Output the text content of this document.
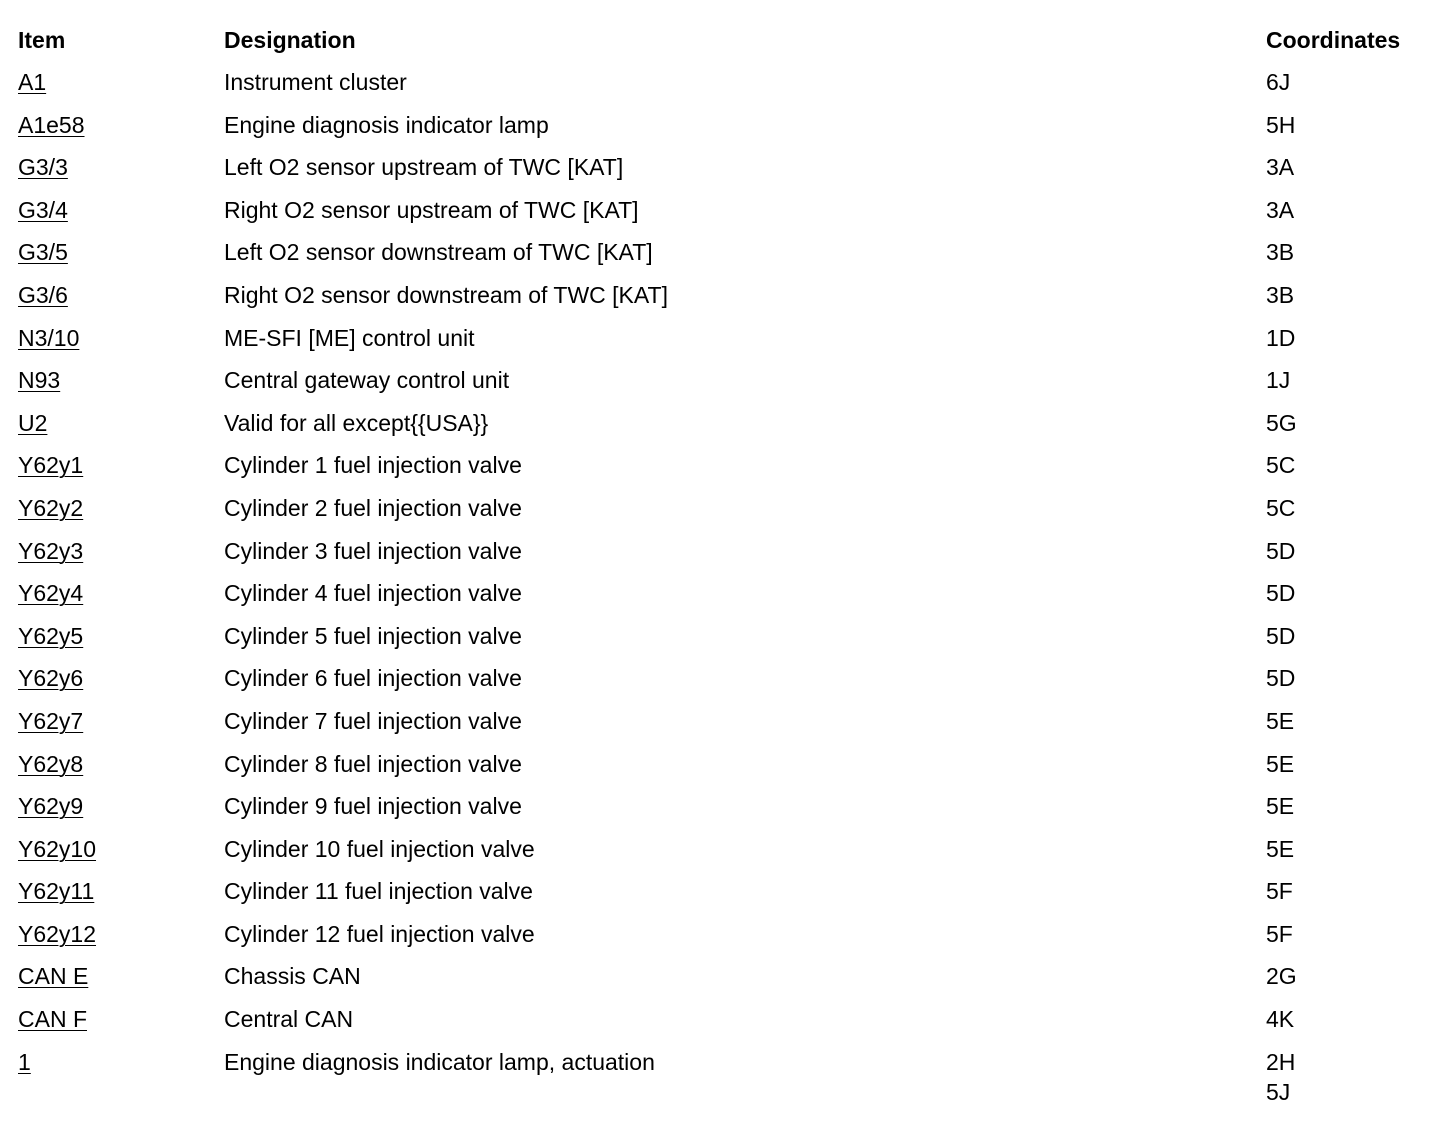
Item	Designation	Coordinates
A1	Instrument cluster	6J
A1e58	Engine diagnosis indicator lamp	5H
G3/3	Left O2 sensor upstream of TWC [KAT]	3A
G3/4	Right O2 sensor upstream of TWC [KAT]	3A
G3/5	Left O2 sensor downstream of TWC [KAT]	3B
G3/6	Right O2 sensor downstream of TWC [KAT]	3B
N3/10	ME-SFI [ME] control unit	1D
N93	Central gateway control unit	1J
U2	Valid for all except{{USA}}	5G
Y62y1	Cylinder 1 fuel injection valve	5C
Y62y2	Cylinder 2 fuel injection valve	5C
Y62y3	Cylinder 3 fuel injection valve	5D
Y62y4	Cylinder 4 fuel injection valve	5D
Y62y5	Cylinder 5 fuel injection valve	5D
Y62y6	Cylinder 6 fuel injection valve	5D
Y62y7	Cylinder 7 fuel injection valve	5E
Y62y8	Cylinder 8 fuel injection valve	5E
Y62y9	Cylinder 9 fuel injection valve	5E
Y62y10	Cylinder 10 fuel injection valve	5E
Y62y11	Cylinder 11 fuel injection valve	5F
Y62y12	Cylinder 12 fuel injection valve	5F
CAN E	Chassis CAN	2G
CAN F	Central CAN	4K
1	Engine diagnosis indicator lamp, actuation	2H
5J
